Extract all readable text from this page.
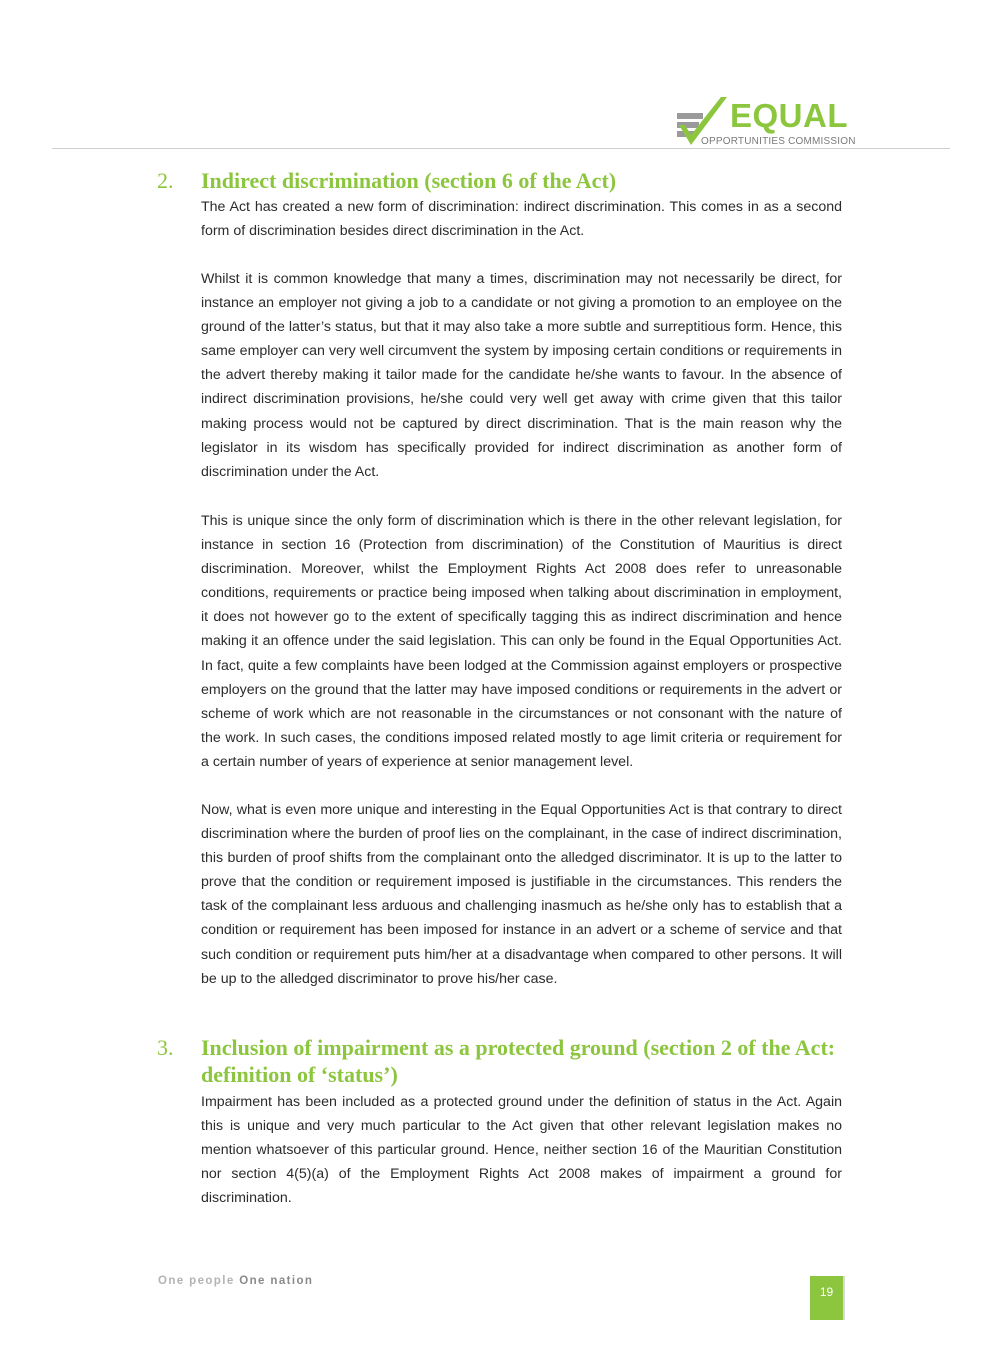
EQUAL
OPPORTUNITIES COMMISSION
2. Indirect discrimination (section 6 of the Act)

The Act has created a new form of discrimination: indirect discrimination. This comes in as a second form of discrimination besides direct discrimination in the Act.

Whilst it is common knowledge that many a times, discrimination may not necessarily be direct, for instance an employer not giving a job to a candidate or not giving a promotion to an employee on the ground of the latter’s status, but that it may also take a more subtle and surreptitious form. Hence, this same employer can very well circumvent the system by imposing certain conditions or requirements in the advert thereby making it tailor made for the candidate he/she wants to favour. In the absence of indirect discrimination provisions, he/she could very well get away with crime given that this tailor making process would not be captured by direct discrimination. That is the main reason why the legislator in its wisdom has specifically provided for indirect discrimination as another form of discrimination under the Act.

This is unique since the only form of discrimination which is there in the other relevant legislation, for instance in section 16 (Protection from discrimination) of the Constitution of Mauritius is direct discrimination. Moreover, whilst the Employment Rights Act 2008 does refer to unreasonable conditions, requirements or practice being imposed when talking about discrimination in employment, it does not however go to the extent of specifically tagging this as indirect discrimination and hence making it an offence under the said legislation. This can only be found in the Equal Opportunities Act. In fact, quite a few complaints have been lodged at the Commission against employers or prospective employers on the ground that the latter may have imposed conditions or requirements in the advert or scheme of work which are not reasonable in the circumstances or not consonant with the nature of the work. In such cases, the conditions imposed related mostly to age limit criteria or requirement for a certain number of years of experience at senior management level.

Now, what is even more unique and interesting in the Equal Opportunities Act is that contrary to direct discrimination where the burden of proof lies on the complainant, in the case of indirect discrimination, this burden of proof shifts from the complainant onto the alledged discriminator. It is up to the latter to prove that the condition or requirement imposed is justifiable in the circumstances. This renders the task of the complainant less arduous and challenging inasmuch as he/she only has to establish that a condition or requirement has been imposed for instance in an advert or a scheme of service and that such condition or requirement puts him/her at a disadvantage when compared to other persons. It will be up to the alledged discriminator to prove his/her case.

3. Inclusion of impairment as a protected ground (section 2 of the Act: definition of ‘status’)

Impairment has been included as a protected ground under the definition of status in the Act. Again this is unique and very much particular to the Act given that other relevant legislation makes no mention whatsoever of this particular ground. Hence, neither section 16 of the Mauritian Constitution nor section 4(5)(a) of the Employment Rights Act 2008 makes of impairment a ground for discrimination.

One people One nation
19
